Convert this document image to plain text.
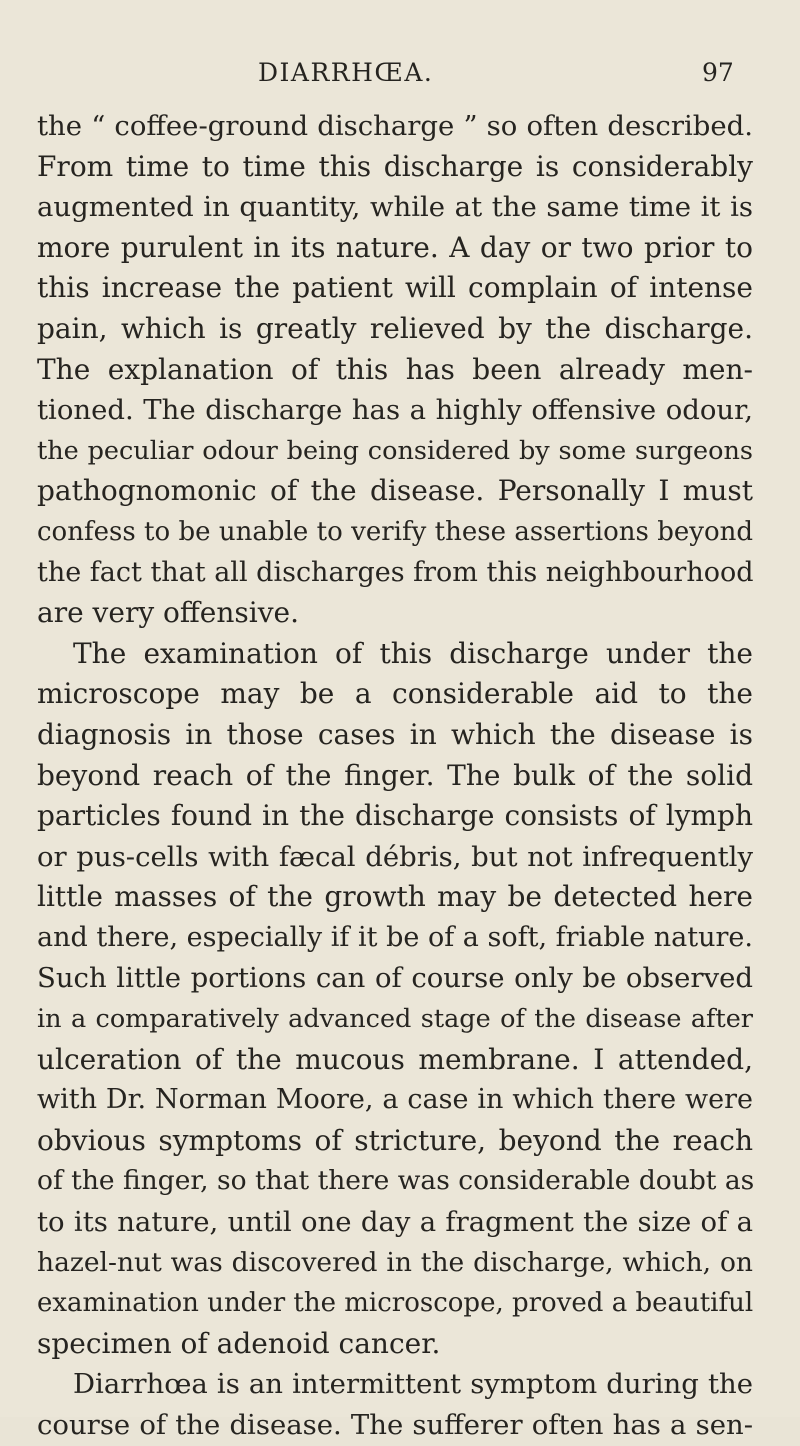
DIARRHŒA.	97
the “ coffee-ground discharge ” so often described.
From time to time this discharge is considerably
augmented in quantity, while at the same time it is
more purulent in its nature. A day or two prior to
this increase the patient will complain of intense
pain, which is greatly relieved by the discharge.
The explanation of this has been already men-
tioned. The discharge has a highly offensive odour,
the peculiar odour being considered by some surgeons
pathognomonic of the disease. Personally I must
confess to be unable to verify these assertions beyond
the fact that all discharges from this neighbourhood
are very offensive.
The examination of this discharge under the
microscope may be a considerable aid to the
diagnosis in those cases in which the disease is
beyond reach of the finger. The bulk of the solid
particles found in the discharge consists of lymph
or pus-cells with fæcal débris, but not infrequently
little masses of the growth may be detected here
and there, especially if it be of a soft, friable nature.
Such little portions can of course only be observed
in a comparatively advanced stage of the disease after
ulceration of the mucous membrane. I attended,
with Dr. Norman Moore, a case in which there were
obvious symptoms of stricture, beyond the reach
of the finger, so that there was considerable doubt as
to its nature, until one day a fragment the size of a
hazel-nut was discovered in the discharge, which, on
examination under the microscope, proved a beautiful
specimen of adenoid cancer.
Diarrhœa is an intermittent symptom during the
course of the disease. The sufferer often has a sen-
